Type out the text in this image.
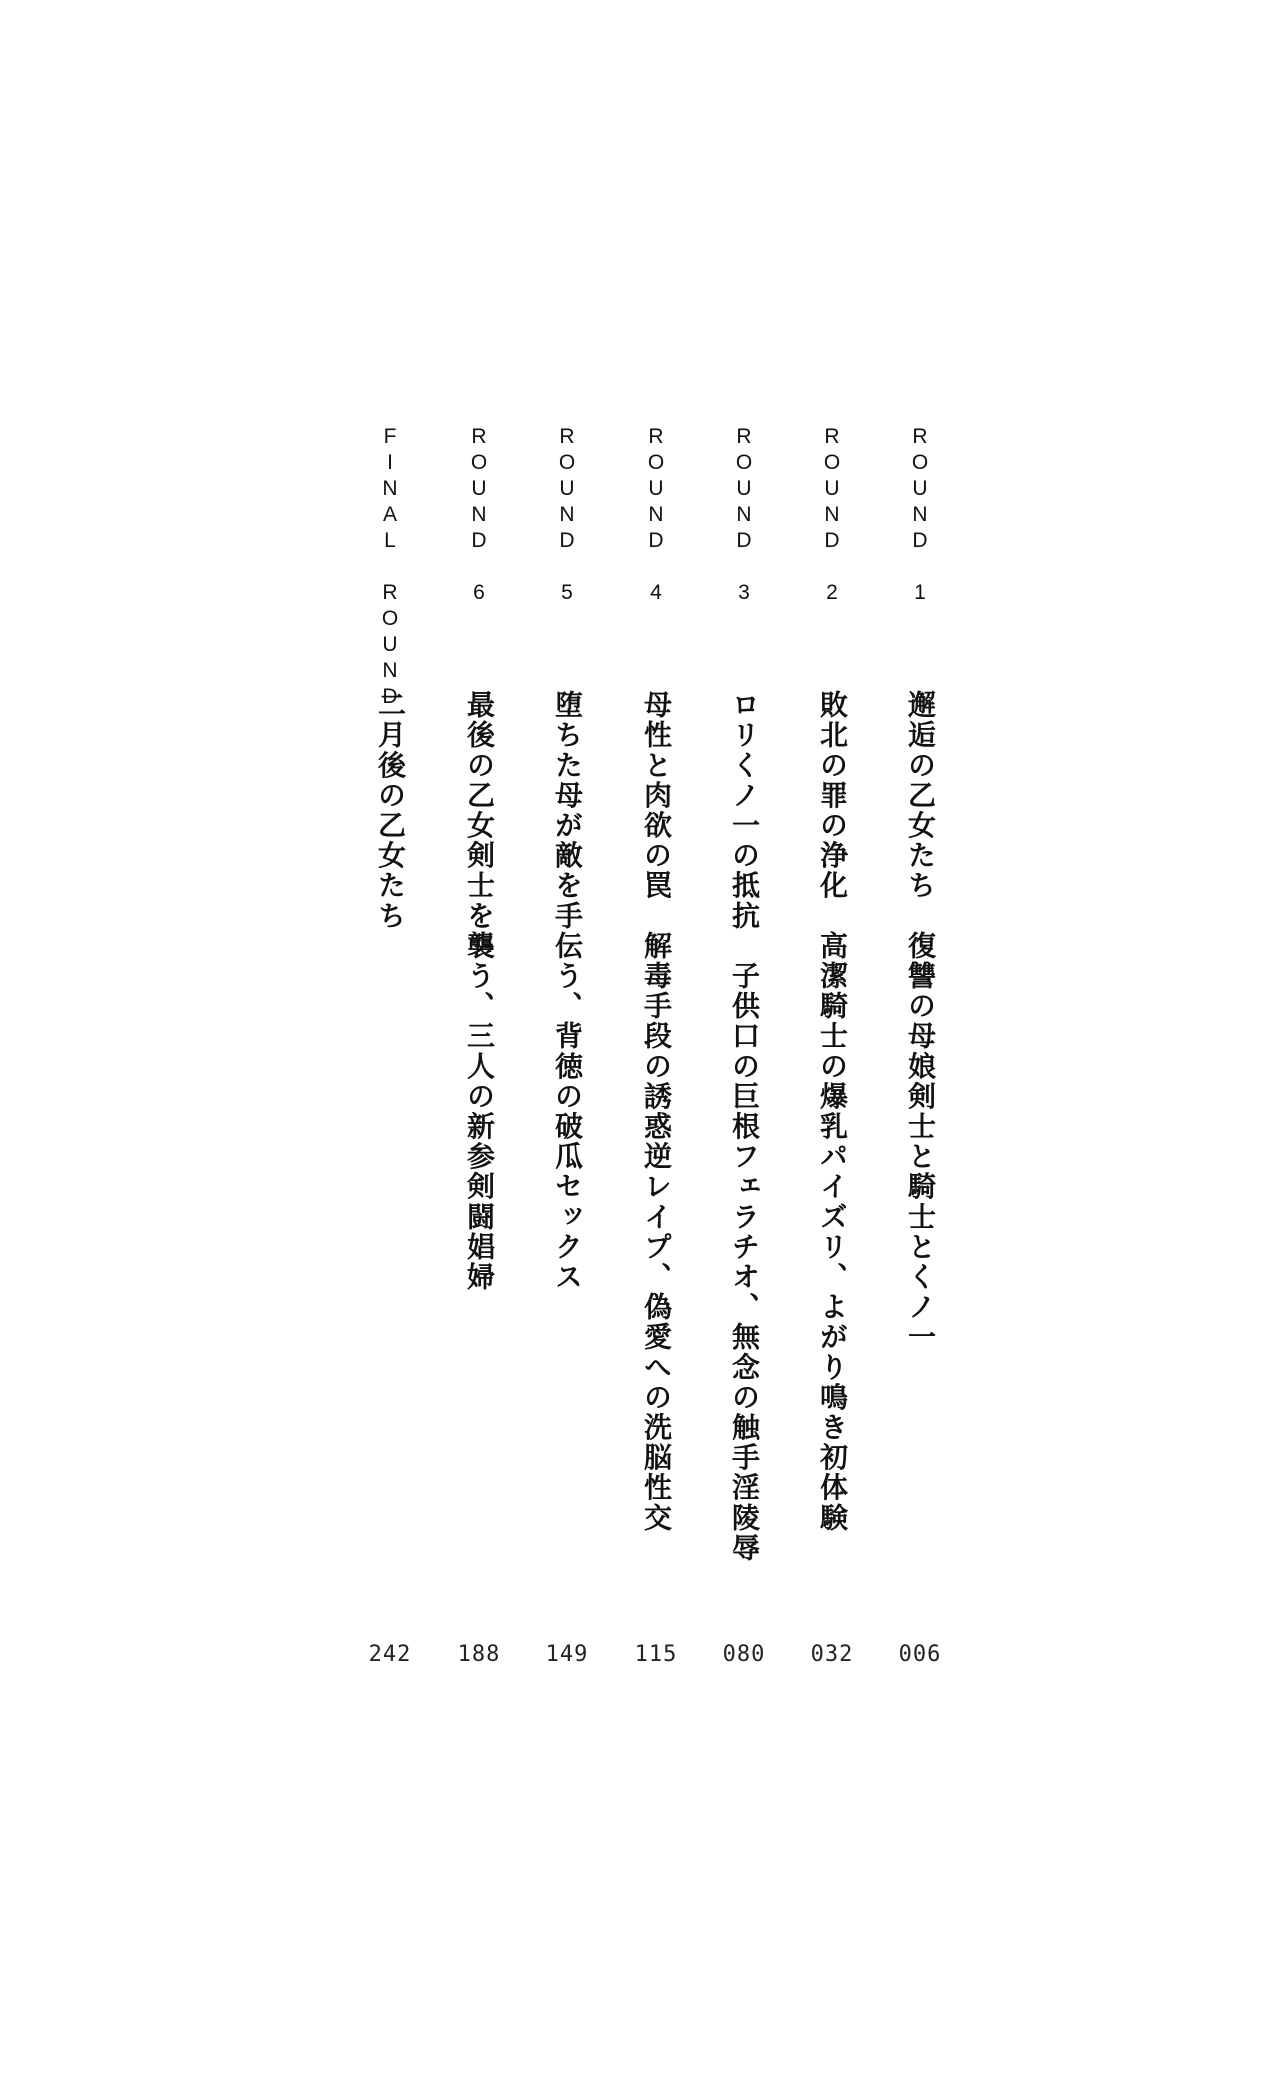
ROUND 1
邂逅の乙女たち　復讐の母娘剣士と騎士とくノ一
006
ROUND 2
敗北の罪の浄化　高潔騎士の爆乳パイズリ、よがり鳴き初体験
032
ROUND 3
ロリくノ一の抵抗　子供口の巨根フェラチオ、無念の触手淫陵辱
080
ROUND 4
母性と肉欲の罠　解毒手段の誘惑逆レイプ、偽愛への洗脳性交
115
ROUND 5
堕ちた母が敵を手伝う、背徳の破瓜セックス
149
ROUND 6
最後の乙女剣士を襲う、三人の新参剣闘娼婦
188
FINAL ROUND
二月後の乙女たち
242
